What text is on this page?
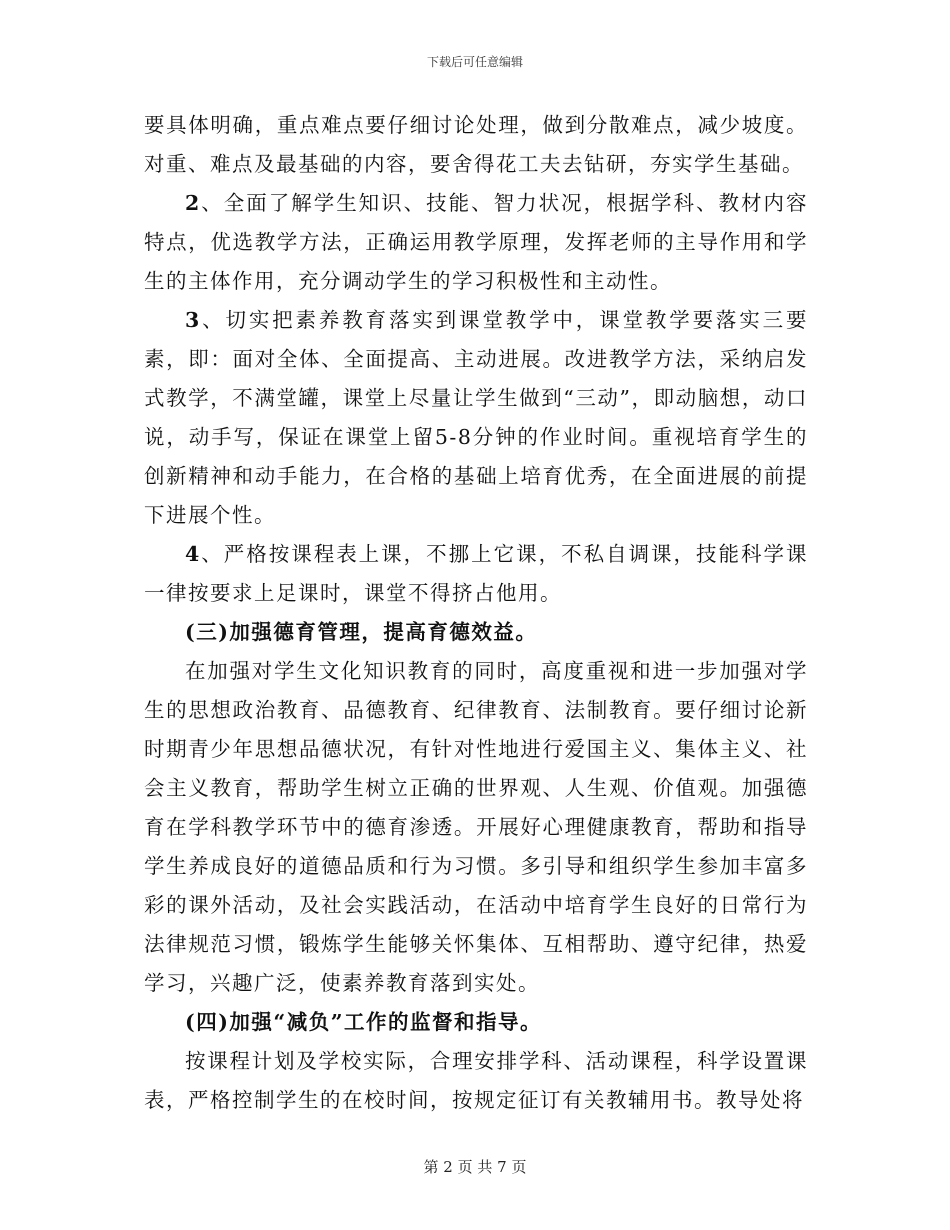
下载后可任意编辑

要具体明确，重点难点要仔细讨论处理，做到分散难点，减少坡度。对重、难点及最基础的内容，要舍得花工夫去钻研，夯实学生基础。

2、全面了解学生知识、技能、智力状况，根据学科、教材内容特点，优选教学方法，正确运用教学原理，发挥老师的主导作用和学生的主体作用，充分调动学生的学习积极性和主动性。

3、切实把素养教育落实到课堂教学中，课堂教学要落实三要素，即：面对全体、全面提高、主动进展。改进教学方法，采纳启发式教学，不满堂罐，课堂上尽量让学生做到“三动”，即动脑想，动口说，动手写，保证在课堂上留5-8分钟的作业时间。重视培育学生的创新精神和动手能力，在合格的基础上培育优秀，在全面进展的前提下进展个性。

4、严格按课程表上课，不挪上它课，不私自调课，技能科学课一律按要求上足课时，课堂不得挤占他用。

(三)加强德育管理，提高育德效益。

在加强对学生文化知识教育的同时，高度重视和进一步加强对学生的思想政治教育、品德教育、纪律教育、法制教育。要仔细讨论新时期青少年思想品德状况，有针对性地进行爱国主义、集体主义、社会主义教育，帮助学生树立正确的世界观、人生观、价值观。加强德育在学科教学环节中的德育渗透。开展好心理健康教育，帮助和指导学生养成良好的道德品质和行为习惯。多引导和组织学生参加丰富多彩的课外活动，及社会实践活动，在活动中培育学生良好的日常行为法律规范习惯，锻炼学生能够关怀集体、互相帮助、遵守纪律，热爱学习，兴趣广泛，使素养教育落到实处。

(四)加强“减负”工作的监督和指导。

按课程计划及学校实际，合理安排学科、活动课程，科学设置课表，严格控制学生的在校时间，按规定征订有关教辅用书。教导处将

第 2 页 共 7 页
